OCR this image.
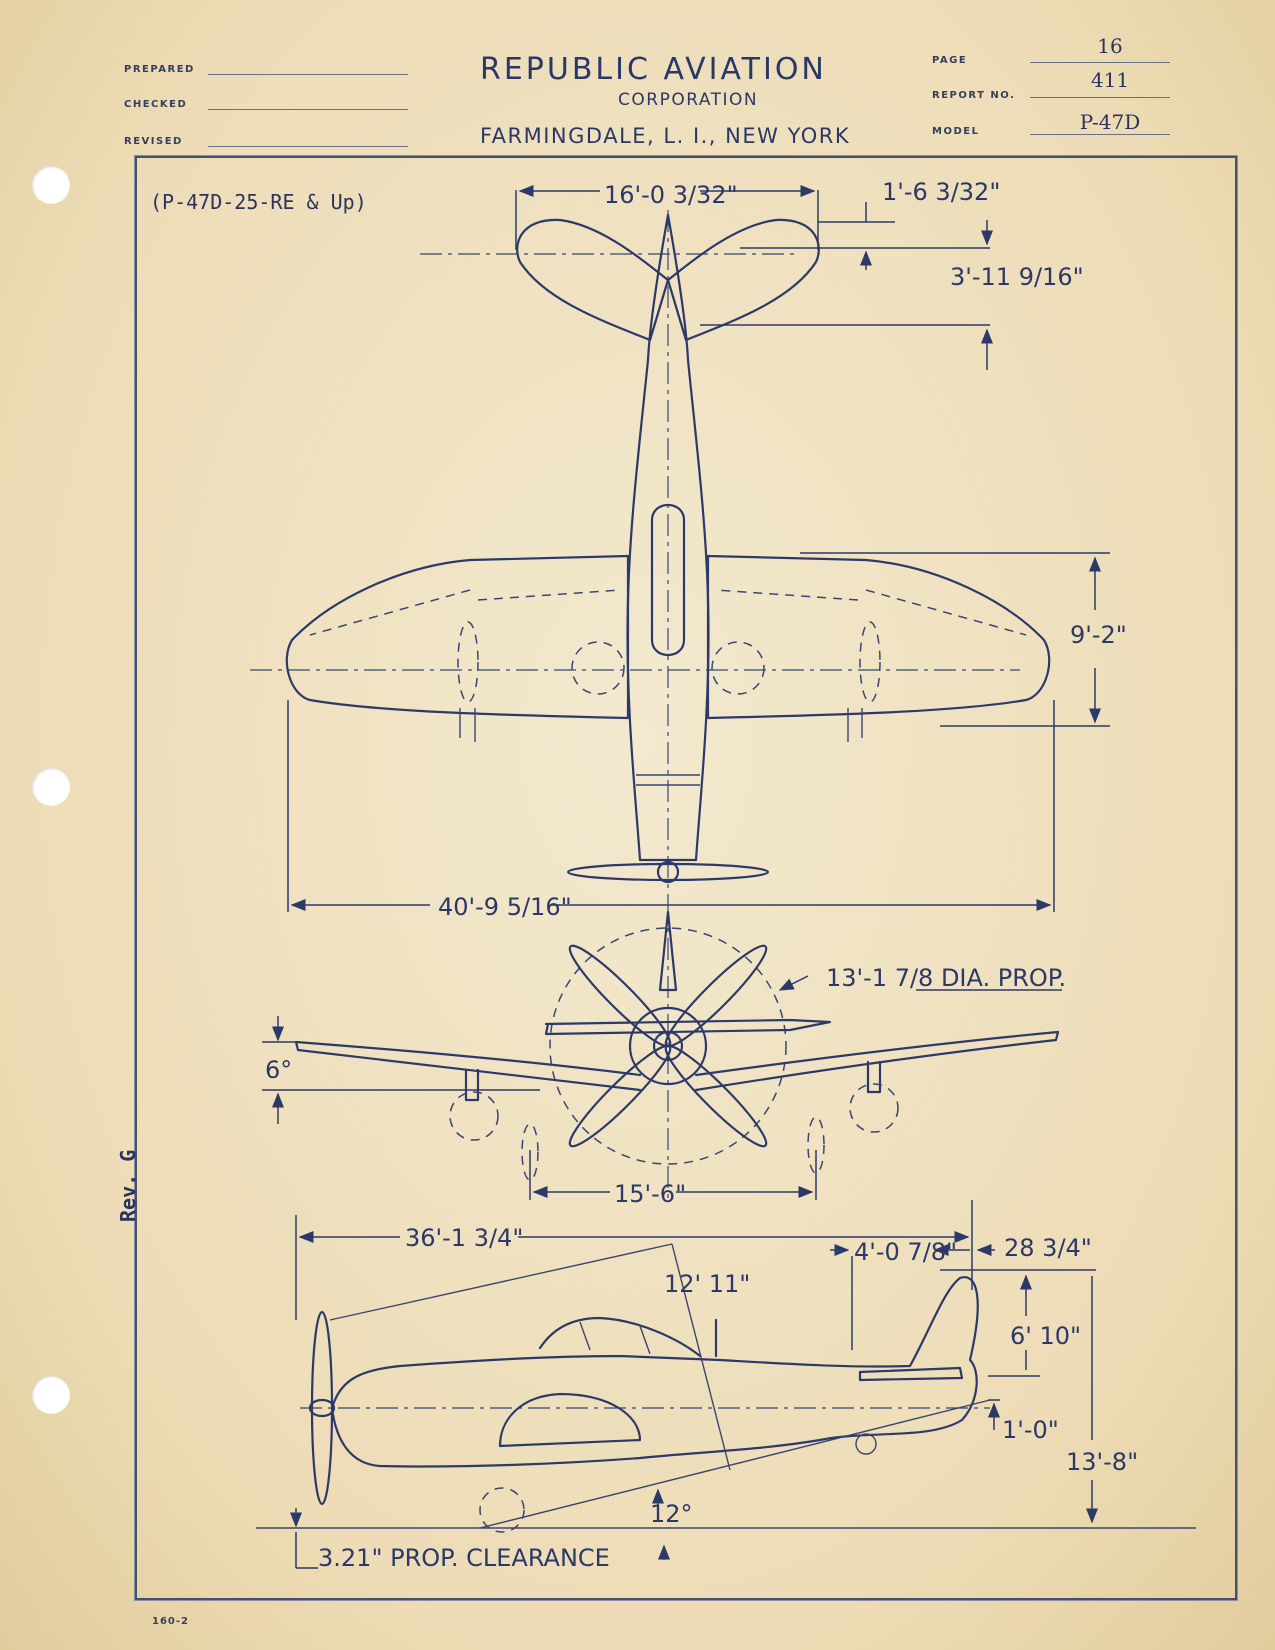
PREPARED
CHECKED
REVISED
REPUBLIC AVIATION
CORPORATION
FARMINGDALE, L. I., NEW YORK
PAGE
16
REPORT NO.
411
MODEL	P-47D
(P-47D-25-RE & Up)	16'-0 3/32"	1'-6 3/32"
3'-11 9/16"
9'-2"
40'-9 5/16"
13'-1 7/8 DIA. PROP.
6°
15'-6"
36'-1 3/4"	4'-0 7/8" 28 3/4"
12' 11"
6' 10"
1'-0"
13'-8"
12°
3.21" PROP. CLEARANCE
Rev. G
160-2
